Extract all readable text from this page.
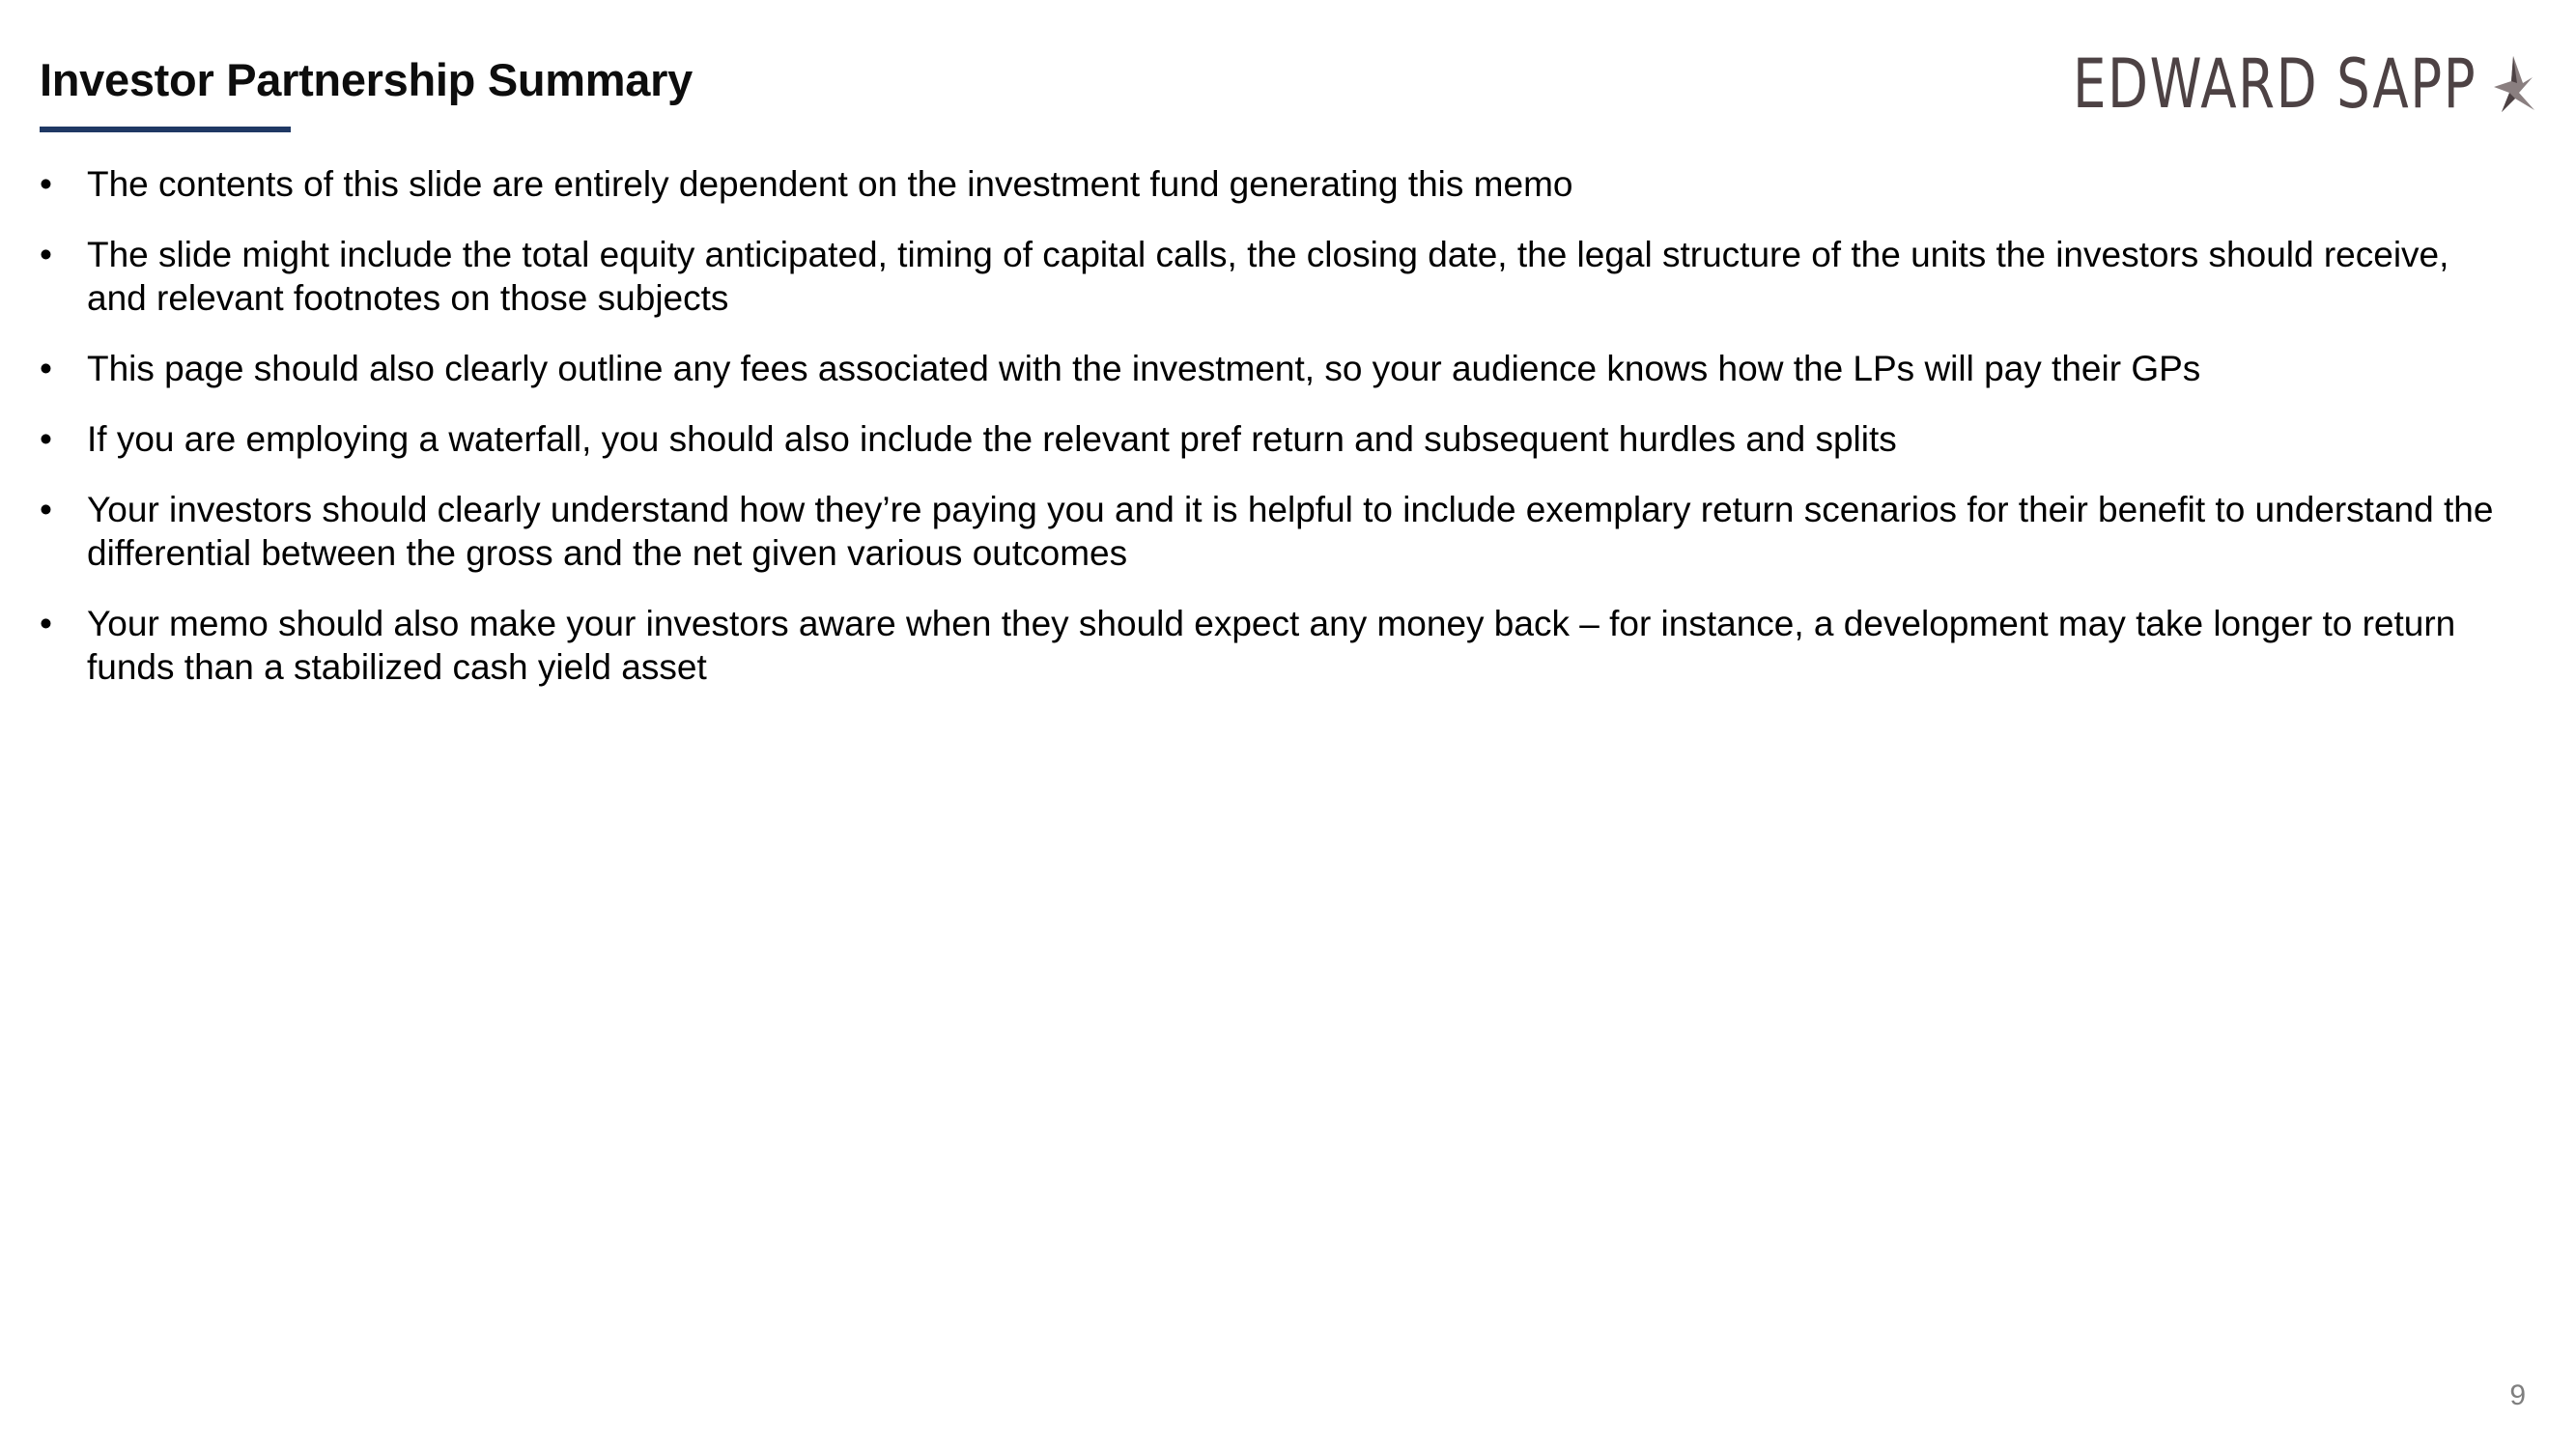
Investor Partnership Summary	EDWARD SAPP
• The contents of this slide are entirely dependent on the investment fund generating this memo
• The slide might include the total equity anticipated, timing of capital calls, the closing date, the legal structure of the units the investors should receive, and relevant footnotes on those subjects
• This page should also clearly outline any fees associated with the investment, so your audience knows how the LPs will pay their GPs
• If you are employing a waterfall, you should also include the relevant pref return and subsequent hurdles and splits
• Your investors should clearly understand how they’re paying you and it is helpful to include exemplary return scenarios for their benefit to understand the differential between the gross and the net given various outcomes
• Your memo should also make your investors aware when they should expect any money back – for instance, a development may take longer to return funds than a stabilized cash yield asset
9
